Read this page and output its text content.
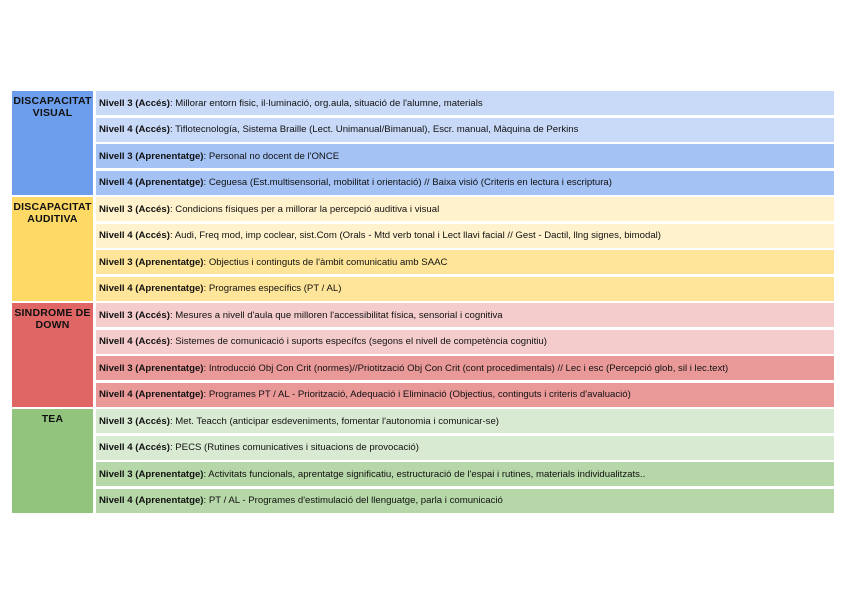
DISCAPACITAT VISUAL
Nivell 3 (Accés) : Millorar entorn fisic, il·luminació, org.aula, situació de l'alumne, materials
Nivell 4 (Accés) : Tiflotecnología, Sistema Braille (Lect. Unimanual/Bimanual), Escr. manual, Màquina de Perkins
Nivell 3 (Aprenentatge) : Personal no docent de l'ONCE
Nivell 4 (Aprenentatge) : Ceguesa (Est.multisensorial, mobilitat i orientació) // Baixa visió (Criteris en lectura i escriptura)
DISCAPACITAT AUDITIVA
Nivell 3 (Accés) : Condicions físiques per a millorar la percepció auditiva i visual
Nivell 4 (Accés) : Audi, Freq mod, imp coclear, sist.Com (Orals - Mtd verb tonal i Lect llavi facial // Gest - Dactil, llng signes, bimodal)
Nivell 3 (Aprenentatge) : Objectius i continguts de l'àmbit comunicatiu amb SAAC
Nivell 4 (Aprenentatge) : Programes específics (PT / AL)
SINDROME DE DOWN
Nivell 3 (Accés) : Mesures a nivell d'aula que milloren l'accessibilitat física, sensorial i cognitiva
Nivell 4 (Accés) : Sistemes de comunicació i suports específcs (segons el nivell de competència cognitiu)
Nivell 3 (Aprenentatge) : Introducció Obj Con Crit (normes)//Priotització Obj Con Crit (cont procedimentals) // Lec i esc (Percepció glob, sil i lec.text)
Nivell 4 (Aprenentatge) : Programes PT / AL - Priorització, Adequació i Eliminació (Objectius, continguts i criteris d'avaluació)
TEA	Nivell 3 (Accés) : Met. Teacch (anticipar esdeveniments, fomentar l'autonomia i comunicar-se)
Nivell 4 (Accés) : PECS (Rutines comunicatives i situacions de provocació)
Nivell 3 (Aprenentatge) : Activitats funcionals, aprentatge significatiu, estructuració de l'espai i rutines, materials individualitzats..
Nivell 4 (Aprenentatge) : PT / AL - Programes d'estimulació del llenguatge, parla i comunicació
